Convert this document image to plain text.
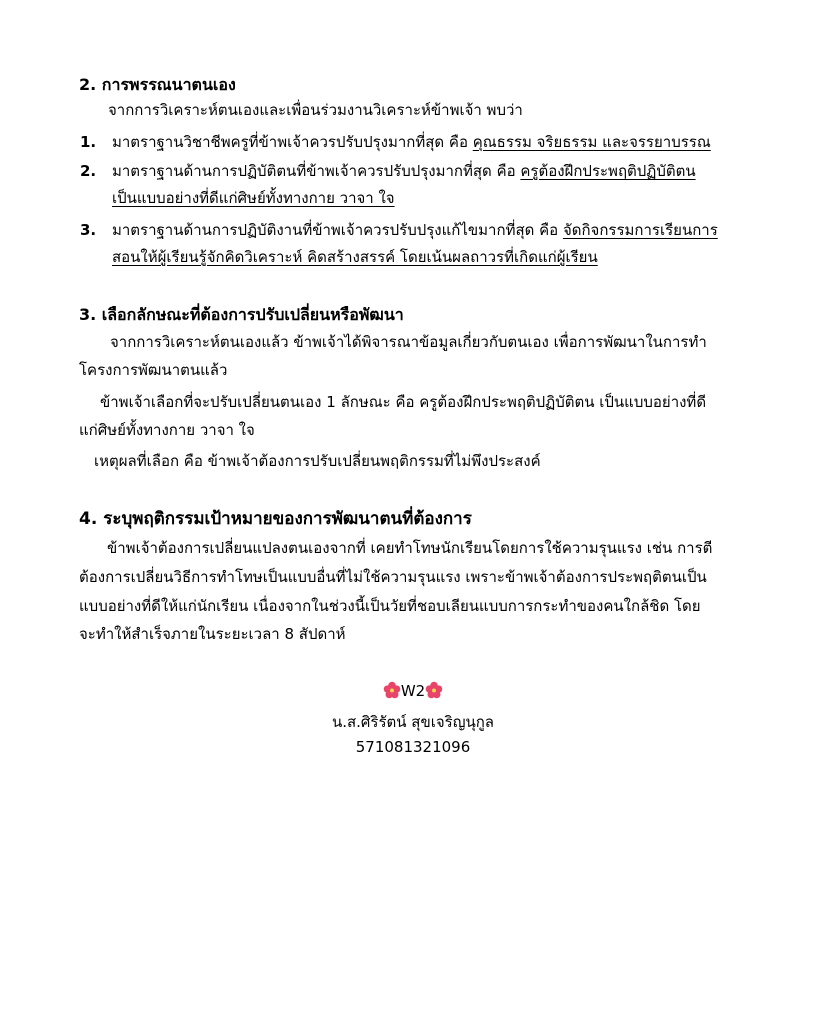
2. การพรรณนาตนเอง
จากการวิเคราะห์ตนเองและเพื่อนร่วมงานวิเคราะห์ข้าพเจ้า พบว่า
1. มาตราฐานวิชาชีพครูที่ข้าพเจ้าควรปรับปรุงมากที่สุด คือ คุณธรรม จริยธรรม และจรรยาบรรณ
2. มาตราฐานด้านการปฏิบัติตนที่ข้าพเจ้าควรปรับปรุงมากที่สุด คือ ครูต้องฝึกประพฤติปฏิบัติตน
เป็นแบบอย่างที่ดีแก่ศิษย์ทั้งทางกาย วาจา ใจ
3. มาตราฐานด้านการปฏิบัติงานที่ข้าพเจ้าควรปรับปรุงแก้ไขมากที่สุด คือ จัดกิจกรรมการเรียนการ
สอนให้ผู้เรียนรู้จักคิดวิเคราะห์ คิดสร้างสรรค์ โดยเน้นผลถาวรที่เกิดแก่ผู้เรียน
3. เลือกลักษณะที่ต้องการปรับเปลี่ยนหรือพัฒนา
จากการวิเคราะห์ตนเองแล้ว ข้าพเจ้าได้พิจารณาข้อมูลเกี่ยวกับตนเอง เพื่อการพัฒนาในการทำ
โครงการพัฒนาตนแล้ว
ข้าพเจ้าเลือกที่จะปรับเปลี่ยนตนเอง 1 ลักษณะ คือ ครูต้องฝึกประพฤติปฏิบัติตน เป็นแบบอย่างที่ดี
แก่ศิษย์ทั้งทางกาย วาจา ใจ
เหตุผลที่เลือก คือ ข้าพเจ้าต้องการปรับเปลี่ยนพฤติกรรมที่ไม่พึงประสงค์
4. ระบุพฤติกรรมเป้าหมายของการพัฒนาตนที่ต้องการ
ข้าพเจ้าต้องการเปลี่ยนแปลงตนเองจากที่ เคยทำโทษนักเรียนโดยการใช้ความรุนแรง เช่น การตี
ต้องการเปลี่ยนวิธีการทำโทษเป็นแบบอื่นที่ไม่ใช้ความรุนแรง เพราะข้าพเจ้าต้องการประพฤติตนเป็น
แบบอย่างที่ดีให้แก่นักเรียน เนื่องจากในช่วงนี้เป็นวัยที่ชอบเลียนแบบการกระทำของคนใกล้ชิด โดย
จะทำให้สำเร็จภายในระยะเวลา 8 สัปดาห์
W2
น.ส.ศิริรัตน์ สุขเจริญนุกูล
571081321096
